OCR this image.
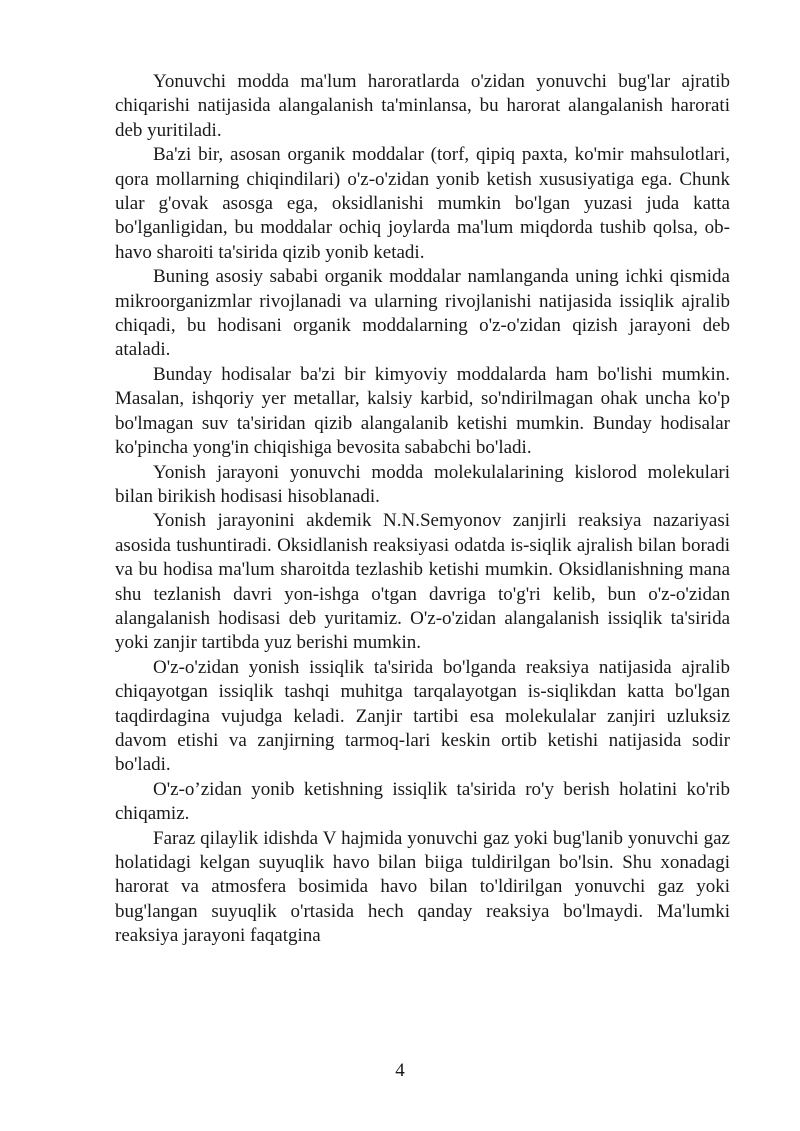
Yonuvchi modda ma'lum haroratlarda o'zidan yonuvchi bug'lar ajratib chiqarishi natijasida alangalanish ta'minlansa, bu harorat alangalanish harorati deb yuritiladi.

Ba'zi bir, asosan organik moddalar (torf, qipiq paxta, ko'mir mahsulotlari, qora mollarning chiqindilari) o'z-o'zidan yonib ketish xususiyatiga ega. Chunk ular g'ovak asosga ega, oksidlanishi mumkin bo'lgan yuzasi juda katta bo'lganligidan, bu moddalar ochiq joylarda ma'lum miqdorda tushib qolsa, ob-havo sharoiti ta'sirida qizib yonib ketadi.

Buning asosiy sababi organik moddalar namlanganda uning ichki qismida mikroorganizmlar rivojlanadi va ularning rivojlanishi natijasida issiqlik ajralib chiqadi, bu hodisani organik moddalarning o'z-o'zidan qizish jarayoni deb ataladi.

Bunday hodisalar ba'zi bir kimyoviy moddalarda ham bo'lishi mumkin. Masalan, ishqoriy yer metallar, kalsiy karbid, so'ndirilmagan ohak uncha ko'p bo'lmagan suv ta'siridan qizib alangalanib ketishi mumkin. Bunday hodisalar ko'pincha yong'in chiqishiga bevosita sababchi bo'ladi.

Yonish jarayoni yonuvchi modda molekulalarining kislorod molekulari bilan birikish hodisasi hisoblanadi.

Yonish jarayonini akdemik N.N.Semyonov zanjirli reaksiya nazariyasi asosida tushuntiradi. Oksidlanish reaksiyasi odatda is-siqlik ajralish bilan boradi va bu hodisa ma'lum sharoitda tezlashib ketishi mumkin. Oksidlanishning mana shu tezlanish davri yon-ishga o'tgan davriga to'g'ri kelib, bun o'z-o'zidan alangalanish hodisasi deb yuritamiz. O'z-o'zidan alangalanish issiqlik ta'sirida yoki zanjir tartibda yuz berishi mumkin.

O'z-o'zidan yonish issiqlik ta'sirida bo'lganda reaksiya natijasida ajralib chiqayotgan issiqlik tashqi muhitga tarqalayotgan is-siqlikdan katta bo'lgan taqdirdagina vujudga keladi. Zanjir tartibi esa molekulalar zanjiri uzluksiz davom etishi va zanjirning tarmoq-lari keskin ortib ketishi natijasida sodir bo'ladi.

O'z-o’zidan yonib ketishning issiqlik ta'sirida ro'y berish holatini ko'rib chiqamiz.

Faraz qilaylik idishda V hajmida yonuvchi gaz yoki bug'lanib yonuvchi gaz holatidagi kelgan suyuqlik havo bilan biiga tuldirilgan bo'lsin. Shu xonadagi harorat va atmosfera bosimida havo bilan to'ldirilgan yonuvchi gaz yoki bug'langan suyuqlik o'rtasida hech qanday reaksiya bo'lmaydi. Ma'lumki reaksiya jarayoni faqatgina

4
